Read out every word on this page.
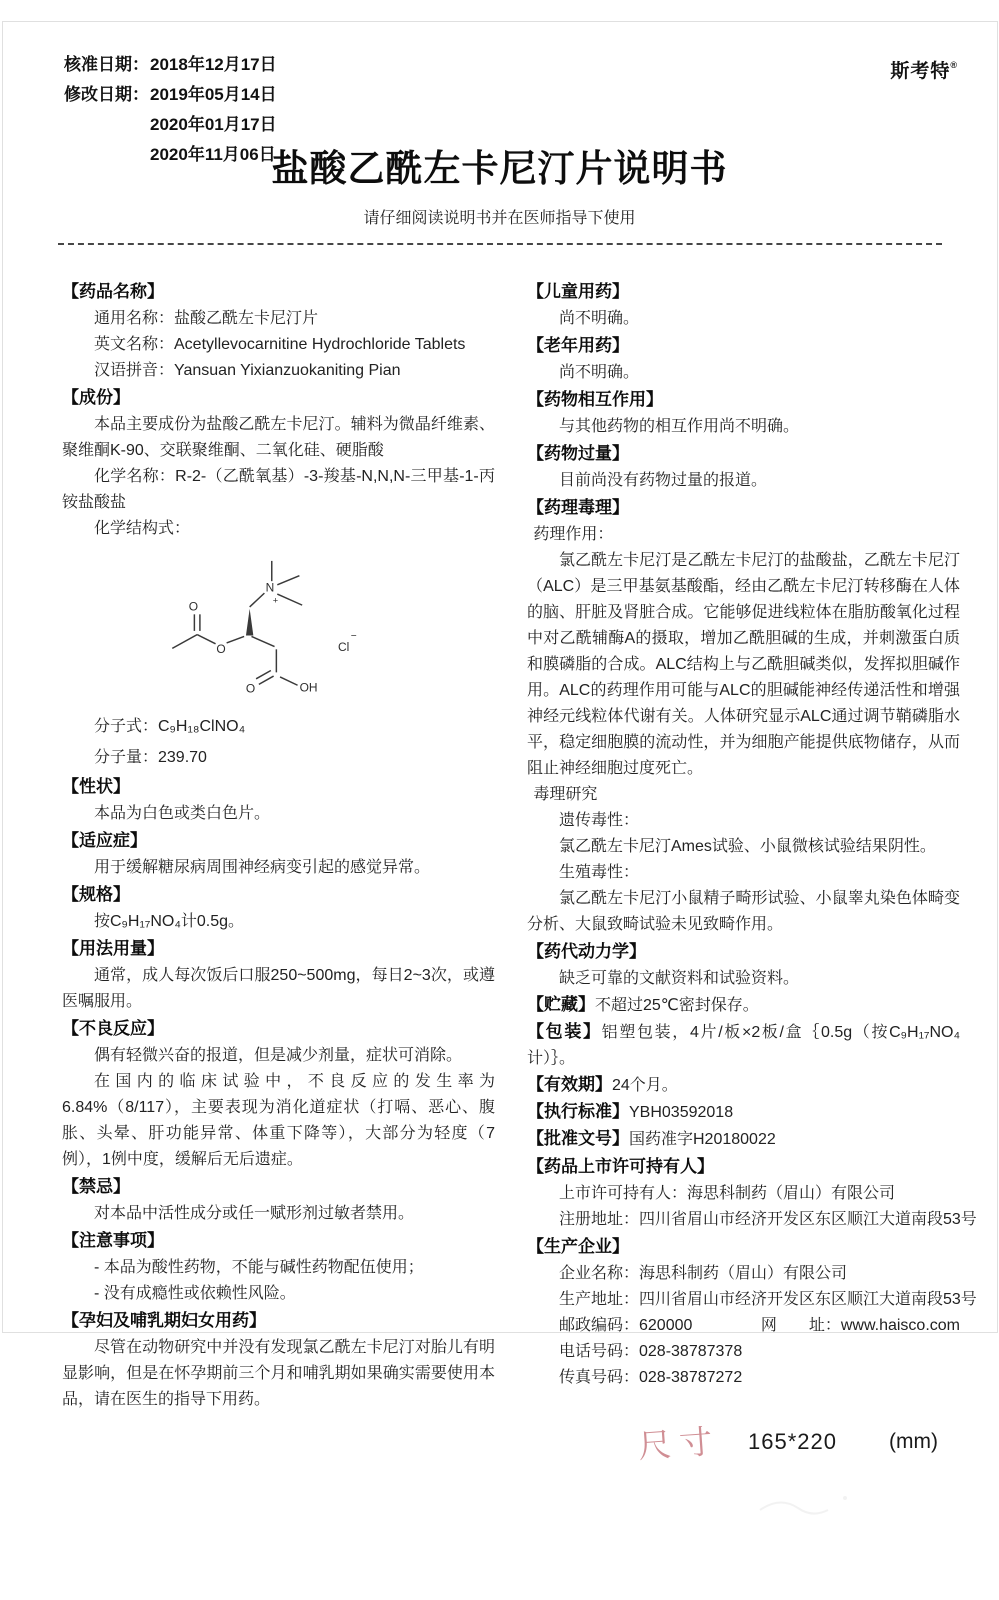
核准日期： 2018年12月17日
修改日期： 2019年05月14日
2020年01月17日
2020年11月06日
斯考特®
盐酸乙酰左卡尼汀片说明书
请仔细阅读说明书并在医师指导下使用
【药品名称】
通用名称：盐酸乙酰左卡尼汀片
英文名称：Acetyllevocarnitine Hydrochloride Tablets
汉语拼音：Yansuan Yixianzuokaniting Pian
【成份】

本品主要成份为盐酸乙酰左卡尼汀。辅料为微晶纤维素、聚维酮K-90、交联聚维酮、二氧化硅、硬脂酸

化学名称：R-2-（乙酰氧基）-3-羧基-N,N,N-三甲基-1-丙铵盐酸盐

化学结构式：

O
O
N
+
O	OH
Cl
−
分子式：C₉H₁₈ClNO₄
分子量：239.70
【性状】

本品为白色或类白色片。

【适应症】

用于缓解糖尿病周围神经病变引起的感觉异常。

【规格】

按C₉H₁₇NO₄计0.5g。

【用法用量】

通常，成人每次饭后口服250~500mg，每日2~3次，或遵医嘱服用。

【不良反应】

偶有轻微兴奋的报道，但是减少剂量，症状可消除。

在国内的临床试验中，不良反应的发生率为6.84%（8/117），主要表现为消化道症状（打嗝、恶心、腹胀、头晕、肝功能异常、体重下降等），大部分为轻度（7例），1例中度，缓解后无后遗症。

【禁忌】

对本品中活性成分或任一赋形剂过敏者禁用。

【注意事项】

- 本品为酸性药物，不能与碱性药物配伍使用；

- 没有成瘾性或依赖性风险。

【孕妇及哺乳期妇女用药】

尽管在动物研究中并没有发现氯乙酰左卡尼汀对胎儿有明显影响，但是在怀孕期前三个月和哺乳期如果确实需要使用本品，请在医生的指导下用药。

【儿童用药】

尚不明确。

【老年用药】

尚不明确。

【药物相互作用】

与其他药物的相互作用尚不明确。

【药物过量】

目前尚没有药物过量的报道。

【药理毒理】
药理作用：

氯乙酰左卡尼汀是乙酰左卡尼汀的盐酸盐，乙酰左卡尼汀（ALC）是三甲基氨基酸酯，经由乙酰左卡尼汀转移酶在人体的脑、肝脏及肾脏合成。它能够促进线粒体在脂肪酸氧化过程中对乙酰辅酶A的摄取，增加乙酰胆碱的生成，并刺激蛋白质和膜磷脂的合成。ALC结构上与乙酰胆碱类似，发挥拟胆碱作用。ALC的药理作用可能与ALC的胆碱能神经传递活性和增强神经元线粒体代谢有关。人体研究显示ALC通过调节鞘磷脂水平，稳定细胞膜的流动性，并为细胞产能提供底物储存，从而阻止神经细胞过度死亡。

毒理研究

遗传毒性：

氯乙酰左卡尼汀Ames试验、小鼠微核试验结果阴性。

生殖毒性：

氯乙酰左卡尼汀小鼠精子畸形试验、小鼠睾丸染色体畸变分析、大鼠致畸试验未见致畸作用。

【药代动力学】

缺乏可靠的文献资料和试验资料。

【贮藏】不超过25℃密封保存。

【包装】铝塑包装，4片/板×2板/盒｛0.5g（按C₉H₁₇NO₄计）｝。

【有效期】24个月。

【执行标准】YBH03592018

【批准文号】国药准字H20180022

【药品上市许可持有人】
上市许可持有人：海思科制药（眉山）有限公司
注册地址：四川省眉山市经济开发区东区顺江大道南段53号
【生产企业】
企业名称：海思科制药（眉山）有限公司
生产地址：四川省眉山市经济开发区东区顺江大道南段53号
邮政编码：620000	网　　址：www.haisco.com
电话号码：028-38787378
传真号码：028-38787272
尺寸 165*220 (mm)
